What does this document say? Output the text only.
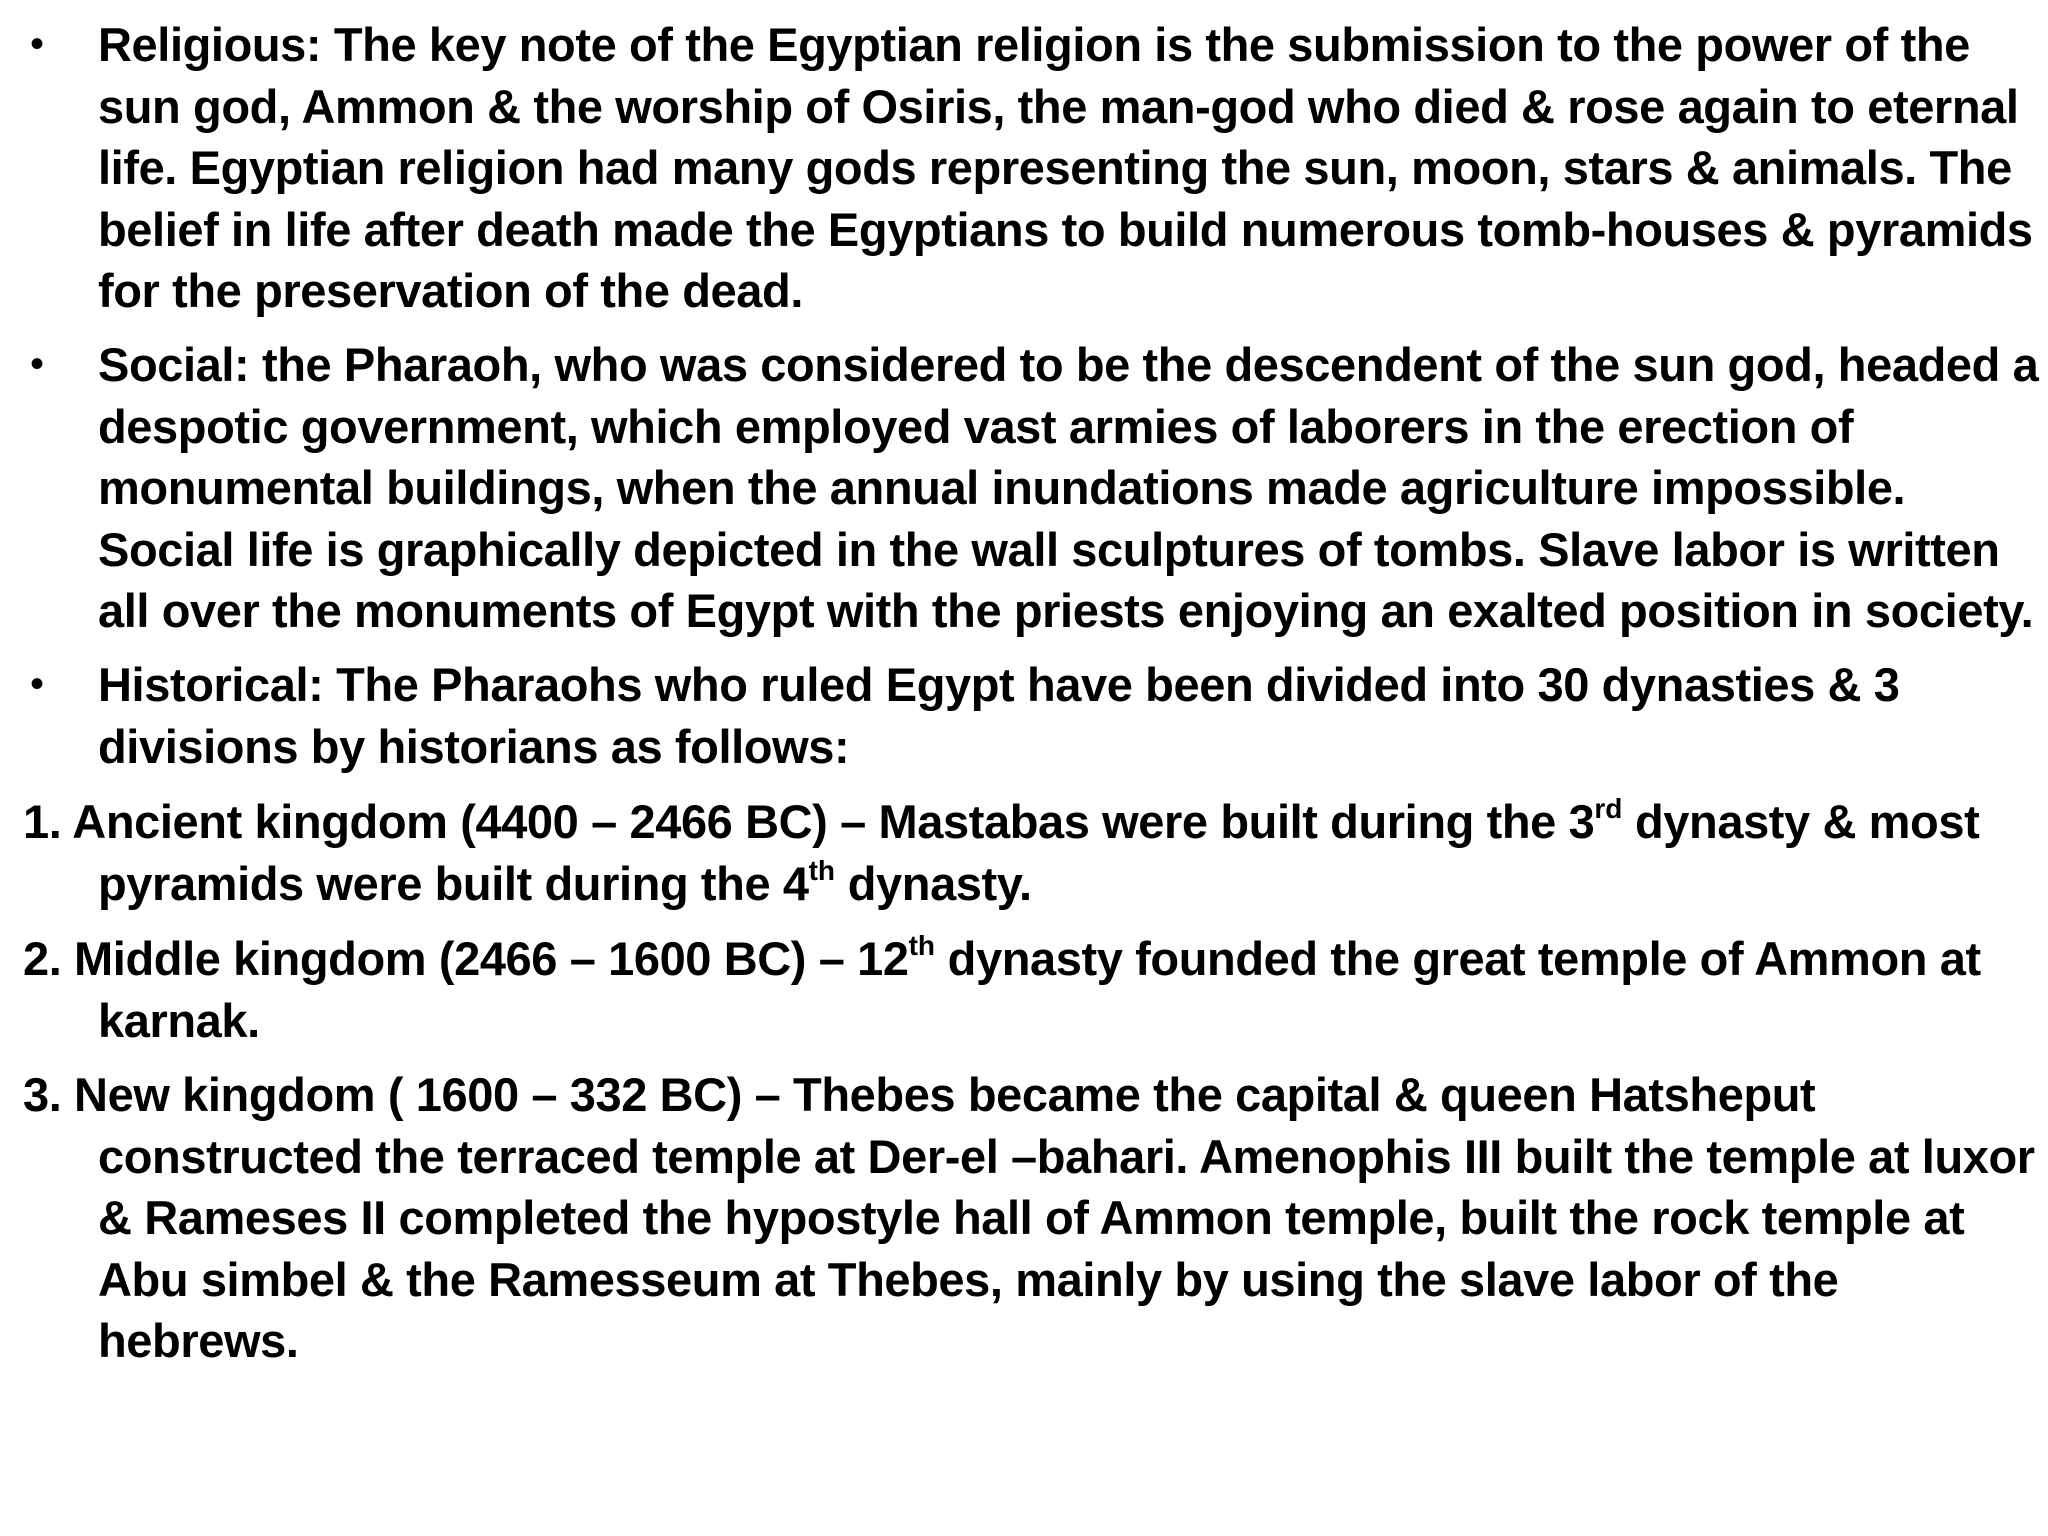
• Religious: The key note of the Egyptian religion is the submission to the power of the sun god, Ammon & the worship of Osiris, the man-god who died & rose again to eternal life. Egyptian religion had many gods representing the sun, moon, stars & animals. The belief in life after death made the Egyptians to build numerous tomb-houses & pyramids for the preservation of the dead.
• Social: the Pharaoh, who was considered to be the descendent of the sun god, headed a despotic government, which employed vast armies of laborers in the erection of monumental buildings, when the annual inundations made agriculture impossible. Social life is graphically depicted in the wall sculptures of tombs. Slave labor is written all over the monuments of Egypt with the priests enjoying an exalted position in society.
• Historical: The Pharaohs who ruled Egypt have been divided into 30 dynasties & 3 divisions by historians as follows:
1. Ancient kingdom (4400 – 2466 BC) – Mastabas were built during the 3rd dynasty & most pyramids were built during the 4th dynasty.
2. Middle kingdom (2466 – 1600 BC) – 12th dynasty founded the great temple of Ammon at karnak.
3. New kingdom ( 1600 – 332 BC) – Thebes became the capital & queen Hatsheput constructed the terraced temple at Der-el –bahari. Amenophis III built the temple at luxor & Rameses II completed the hypostyle hall of Ammon temple, built the rock temple at Abu simbel & the Ramesseum at Thebes, mainly by using the slave labor of the hebrews.
